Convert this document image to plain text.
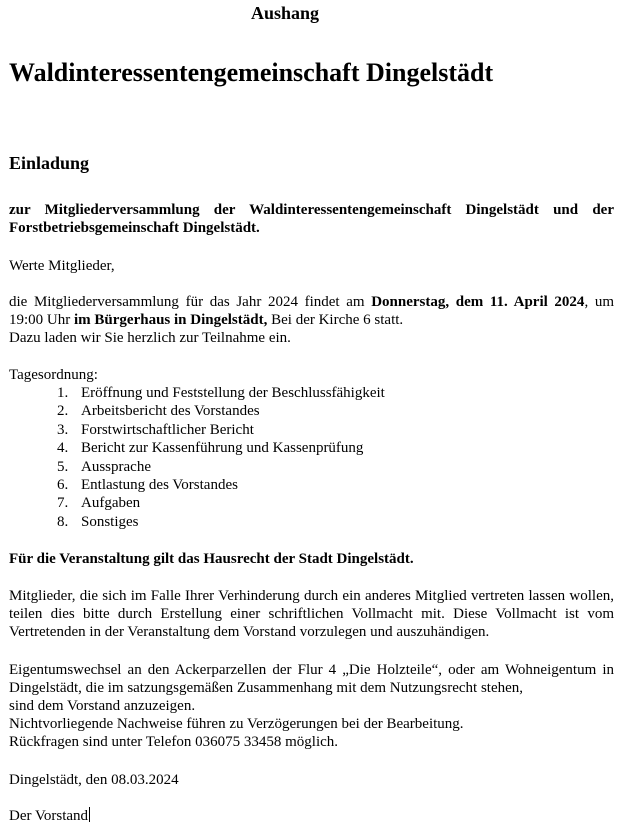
Aushang

Waldinteressentengemeinschaft Dingelstädt
Einladung

zur Mitgliederversammlung der Waldinteressentengemeinschaft Dingelstädt und der Forstbetriebsgemeinschaft Dingelstädt.

Werte Mitglieder,

die Mitgliederversammlung für das Jahr 2024 findet am Donnerstag, dem 11. April 2024, um 19:00 Uhr im Bürgerhaus in Dingelstädt, Bei der Kirche 6 statt.
Dazu laden wir Sie herzlich zur Teilnahme ein.

Tagesordnung:

1. Eröffnung und Feststellung der Beschlussfähigkeit
2. Arbeitsbericht des Vorstandes
3. Forstwirtschaftlicher Bericht
4. Bericht zur Kassenführung und Kassenprüfung
5. Aussprache
6. Entlastung des Vorstandes
7. Aufgaben
8. Sonstiges

Für die Veranstaltung gilt das Hausrecht der Stadt Dingelstädt.

Mitglieder, die sich im Falle Ihrer Verhinderung durch ein anderes Mitglied vertreten lassen wollen, teilen dies bitte durch Erstellung einer schriftlichen Vollmacht mit. Diese Vollmacht ist vom Vertretenden in der Veranstaltung dem Vorstand vorzulegen und auszuhändigen.

Eigentumswechsel an den Ackerparzellen der Flur 4 „Die Holzteile“, oder am Wohneigentum in Dingelstädt, die im satzungsgemäßen Zusammenhang mit dem Nutzungsrecht stehen,
sind dem Vorstand anzuzeigen.
Nichtvorliegende Nachweise führen zu Verzögerungen bei der Bearbeitung.
Rückfragen sind unter Telefon 036075 33458 möglich.

Dingelstädt, den 08.03.2024

Der Vorstand
